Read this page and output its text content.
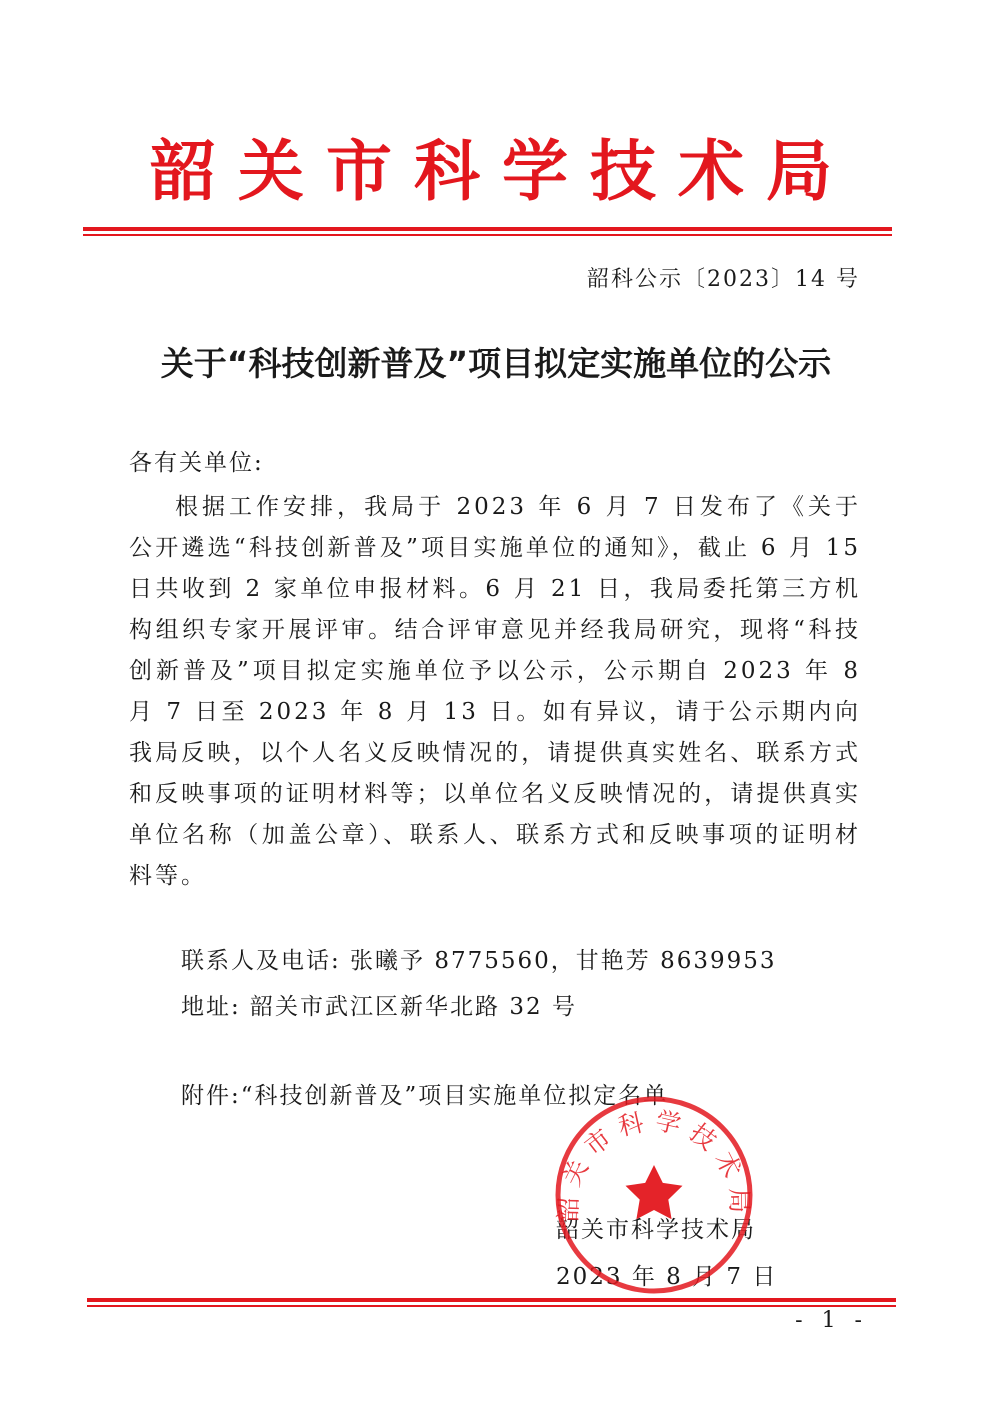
韶关市科学技术局
韶科公示〔2023〕14 号
关于“科技创新普及”项目拟定实施单位的公示
各有关单位:
根据工作安排，我局于 2023 年 6 月 7 日发布了《关于公开遴选“科技创新普及”项目实施单位的通知》，截止 6 月 15 日共收到 2 家单位申报材料。6 月 21 日，我局委托第三方机构组织专家开展评审。结合评审意见并经我局研究，现将“科技创新普及”项目拟定实施单位予以公示，公示期自 2023 年 8 月 7 日至 2023 年 8 月 13 日。如有异议，请于公示期内向我局反映，以个人名义反映情况的，请提供真实姓名、联系方式和反映事项的证明材料等；以单位名义反映情况的，请提供真实单位名称（加盖公章）、联系人、联系方式和反映事项的证明材料等。
联系人及电话: 张曦予 8775560，甘艳芳 8639953
地址: 韶关市武江区新华北路 32 号
附件:“科技创新普及”项目实施单位拟定名单
韶关市科学技术局
2023 年 8 月 7 日
韶关市科学技术局
- 1 -
